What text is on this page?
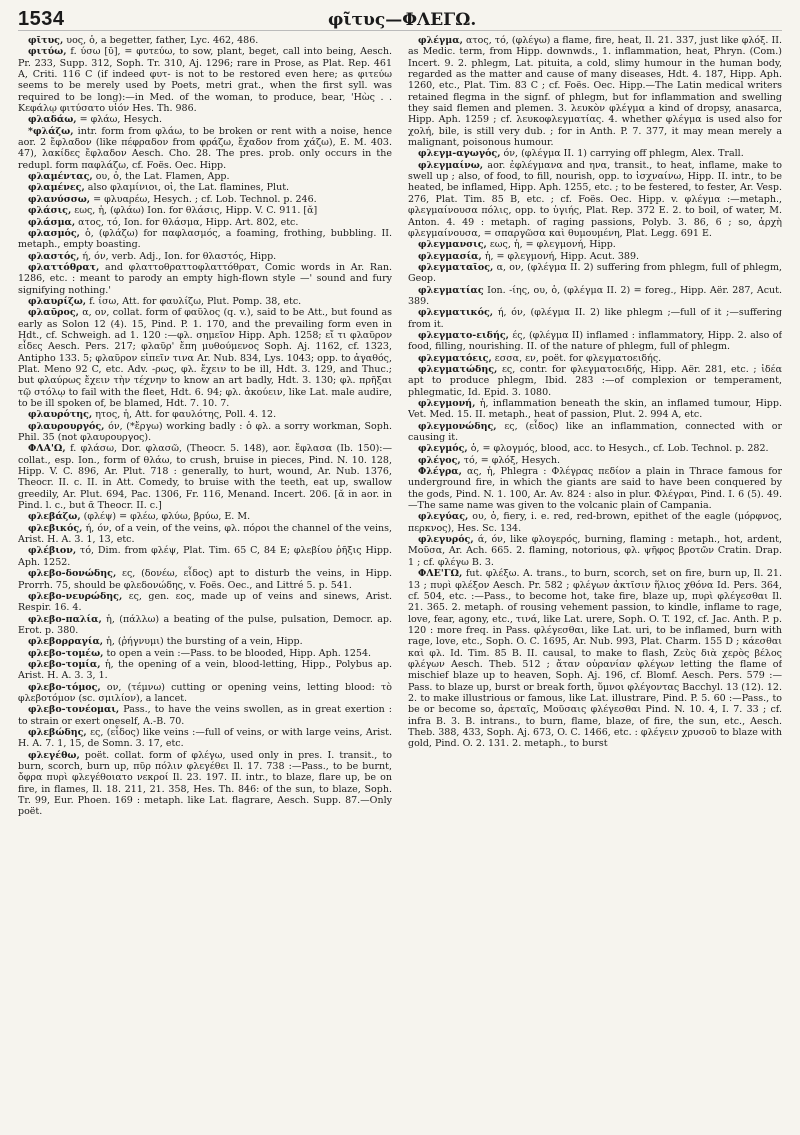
1534	φῖτυς—ΦΛΕΓΩ.

φῖτυς, υος, ὁ, a begetter, father, Lyc. 462, 486.

φιτύω, f. ύσω [ῡ], = φυτεύω, to sow, plant, beget, call into being, Aesch. Pr. 233, Supp. 312, Soph. Tr. 310, Aj. 1296; rare in Prose, as Plat. Rep. 461 A, Criti. 116 C (if indeed φυτ- is not to be restored even here; as φιτεύω seems to be merely used by Poets, metri grat., when the first syll. was required to be long):—in Med. of the woman, to produce, bear, 'Ηὼς . . Κεφάλῳ φιτύσατο υἱόν Hes. Th. 986.

φλαδάω, = φλάω, Hesych.

*φλάζω, intr. form from φλάω, to be broken or rent with a noise, hence aor. 2 ἔφλαδον (like πέφραδον from φράζω, ἔχαδον from χάζω), E. M. 403. 47), λακίδες ἔφλαδον Aesch. Cho. 28. The pres. prob. only occurs in the redupl. form παφλάζω, cf. Foës. Oec. Hipp.

φλαμέντας, ου, ὁ, the Lat. Flamen, App.

φλαμένες, also φλαμίνιοι, οἱ, the Lat. flamines, Plut.

φλανύσσω, = φλυαρέω, Hesych. ; cf. Lob. Technol. p. 246.

φλάσις, εως, ἡ, (φλάω) Ion. for θλάσις, Hipp. V. C. 911. [ᾰ]

φλάσμα, ατος, τό, Ion. for θλάσμα, Hipp. Art. 802, etc.

φλασμός, ὁ, (φλάζω) for παφλασμός, a foaming, frothing, bubbling. II. metaph., empty boasting.

φλαστός, ή, όν, verb. Adj., Ion. for θλαστός, Hipp.

φλαττόθρατ, and φλαττοθραττοφλαττόθρατ, Comic words in Ar. Ran. 1286, etc. : meant to parody an empty high-flown style —' sound and fury signifying nothing.'

φλαυρίζω, f. ίσω, Att. for φαυλίζω, Plut. Pomp. 38, etc.

φλαῦρος, α, ον, collat. form of φαῦλος (q. v.), said to be Att., but found as early as Solon 12 (4). 15, Pind. P. 1. 170, and the prevailing form even in Hdt., cf. Schweigh. ad 1. 120 :—φλ. σημεῖον Hipp. Aph. 1258; εἴ τι φλαῦρον εἶδες Aesch. Pers. 217; φλαῦρ' ἔπη μυθούμενος Soph. Aj. 1162, cf. 1323, Antipho 133. 5; φλαῦρον εἰπεῖν τινα Ar. Nub. 834, Lys. 1043; opp. to ἀγαθός, Plat. Meno 92 C, etc. Adv. -ρως, φλ. ἔχειν to be ill, Hdt. 3. 129, and Thuc.; but φλαύρως ἔχειν τὴν τέχνην to know an art badly, Hdt. 3. 130; φλ. πρῆξαι τῷ στόλῳ to fail with the fleet, Hdt. 6. 94; φλ. ἀκούειν, like Lat. male audire, to be ill spoken of, be blamed, Hdt. 7. 10. 7.

φλαυρότης, ητος, ἡ, Att. for φαυλότης, Poll. 4. 12.

φλαυρουργός, όν, (*ἔργω) working badly : ὁ φλ. a sorry workman, Soph. Phil. 35 (not φλαυρουργος).

ΦΛΑ'Ω, f. φλάσω, Dor. φλασῶ, (Theocr. 5. 148), aor. ἔφλασα (Ib. 150):—collat., esp. Ion., form of θλάω, to crush, bruise in pieces, Pind. N. 10. 128, Hipp. V. C. 896, Ar. Plut. 718 : generally, to hurt, wound, Ar. Nub. 1376, Theocr. II. c. II. in Att. Comedy, to bruise with the teeth, eat up, swallow greedily, Ar. Plut. 694, Pac. 1306, Fr. 116, Menand. Incert. 206. [ᾰ in aor. in Pind. l. c., but ᾱ Theocr. II. c.]

φλεβάζω, (φλέψ) = φλέω, φλύω, βρύω, E. M.

φλεβικός, ή, όν, of a vein, of the veins, φλ. πόροι the channel of the veins, Arist. H. A. 3. 1, 13, etc.

φλέβιον, τό, Dim. from φλέψ, Plat. Tim. 65 C, 84 E; φλεβίου ῥῆξις Hipp. Aph. 1252.

φλεβο-δονώδης, ες, (δονέω, εἶδος) apt to disturb the veins, in Hipp. Prorrh. 75, should be φλεδονώδης, v. Foës. Oec., and Littré 5. p. 541.

φλεβο-νευρώδης, ες, gen. εος, made up of veins and sinews, Arist. Respir. 16. 4.

φλεβο-παλία, ἡ, (πάλλω) a beating of the pulse, pulsation, Democr. ap. Erot. p. 380.

φλεβορραγία, ἡ, (ῥήγνυμι) the bursting of a vein, Hipp.

φλεβο-τομέω, to open a vein :—Pass. to be blooded, Hipp. Aph. 1254.

φλεβο-τομία, ἡ, the opening of a vein, blood-letting, Hipp., Polybus ap. Arist. H. A. 3. 3, 1.

φλεβο-τόμος, ον, (τέμνω) cutting or opening veins, letting blood: τὸ φλεβοτόμον (sc. σμιλίον), a lancet.

φλεβο-τονέομαι, Pass., to have the veins swollen, as in great exertion : to strain or exert oneself, A.-B. 70.

φλεβώδης, ες, (εἶδος) like veins :—full of veins, or with large veins, Arist. H. A. 7. 1, 15, de Somn. 3. 17, etc.

φλεγέθω, poët. collat. form of φλέγω, used only in pres. I. transit., to burn, scorch, burn up, πῦρ πόλιν φλεγέθει Il. 17. 738 :—Pass., to be burnt, ὄφρα πυρὶ φλεγέθοιατο νεκροί Il. 23. 197. II. intr., to blaze, flare up, be on fire, in flames, Il. 18. 211, 21. 358, Hes. Th. 846: of the sun, to blaze, Soph. Tr. 99, Eur. Phoen. 169 : metaph. like Lat. flagrare, Aesch. Supp. 87.—Only poët.

φλέγμα, ατος, τό, (φλέγω) a flame, fire, heat, Il. 21. 337, just like φλόξ. II. as Medic. term, from Hipp. downwds., 1. inflammation, heat, Phryn. (Com.) Incert. 9. 2. phlegm, Lat. pituita, a cold, slimy humour in the human body, regarded as the matter and cause of many diseases, Hdt. 4. 187, Hipp. Aph. 1260, etc., Plat. Tim. 83 C ; cf. Foës. Oec. Hipp.—The Latin medical writers retained flegma in the signf. of phlegm, but for inflammation and swelling they said flemen and plemen. 3. λευκὸν φλέγμα a kind of dropsy, anasarca, Hipp. Aph. 1259 ; cf. λευκοφλεγματίας. 4. whether φλέγμα is used also for χολή, bile, is still very dub. ; for in Anth. P. 7. 377, it may mean merely a malignant, poisonous humour.

φλεγμ-αγωγός, όν, (φλέγμα II. 1) carrying off phlegm, Alex. Trall.

φλεγμαίνω, aor. ἐφλέγμανα and ηνα, transit., to heat, inflame, make to swell up ; also, of food, to fill, nourish, opp. to ἰσχναίνω, Hipp. II. intr., to be heated, be inflamed, Hipp. Aph. 1255, etc. ; to be festered, to fester, Ar. Vesp. 276, Plat. Tim. 85 B, etc. ; cf. Foës. Oec. Hipp. v. φλέγμα :—metaph., φλεγμαίνουσα πόλις, opp. to ὑγιής, Plat. Rep. 372 E. 2. to boil, of water, M. Anton. 4. 49 : metaph. of raging passions, Polyb. 3. 86, 6 ; so, ἀρχὴ φλεγμαίνουσα, = σπαργῶσα καὶ θυμουμένη, Plat. Legg. 691 E.

φλεγμανσις, εως, ἡ, = φλεγμονή, Hipp.

φλεγμασία, ἡ, = φλεγμονή, Hipp. Acut. 389.

φλεγματαῖος, α, ον, (φλέγμα II. 2) suffering from phlegm, full of phlegm, Geop.

φλεγματίας Ion. -ίης, ου, ὁ, (φλέγμα II. 2) = foreg., Hipp. Aër. 287, Acut. 389.

φλεγματικός, ή, όν, (φλέγμα II. 2) like phlegm ;—full of it ;—suffering from it.

φλεγματο-ειδής, ές, (φλέγμα II) inflamed : inflammatory, Hipp. 2. also of food, filling, nourishing. II. of the nature of phlegm, full of phlegm.

φλεγματόεις, εσσα, εν, poët. for φλεγματοειδής.

φλεγματώδης, ες, contr. for φλεγματοειδής, Hipp. Aër. 281, etc. ; ἰδέα apt to produce phlegm, Ibid. 283 :—of complexion or temperament, phlegmatic, Id. Epid. 3. 1080.

φλεγμονή, ἡ, inflammation beneath the skin, an inflamed tumour, Hipp. Vet. Med. 15. II. metaph., heat of passion, Plut. 2. 994 A, etc.

φλεγμονώδης, ες, (εἶδος) like an inflammation, connected with or causing it.

φλεγμός, ὁ, = φλογμός, blood, acc. to Hesych., cf. Lob. Technol. p. 282.

φλέγος, τό, = φλόξ, Hesych.

Φλέγρα, ας, ἡ, Phlegra : Φλέγρας πεδίον a plain in Thrace famous for underground fire, in which the giants are said to have been conquered by the gods, Pind. N. 1. 100, Ar. Av. 824 : also in plur. Φλέγραι, Pind. I. 6 (5). 49.—The same name was given to the volcanic plain of Campania.

φλεγύας, ου, ὁ, fiery, i. e. red, red-brown, epithet of the eagle (μόρφνος, περκνος), Hes. Sc. 134.

φλεγυρός, ά, όν, like φλογερός, burning, flaming : metaph., hot, ardent, Μοῦσα, Ar. Ach. 665. 2. flaming, notorious, φλ. ψῆφος βροτῶν Cratin. Drap. 1 ; cf. φλέγω B. 3.

ΦΛΕ'ΓΩ, fut. φλέξω. A. trans., to burn, scorch, set on fire, burn up, Il. 21. 13 ; πυρὶ φλέξον Aesch. Pr. 582 ; φλέγων ἀκτῖσιν ἥλιος χθόνα Id. Pers. 364, cf. 504, etc. :—Pass., to become hot, take fire, blaze up, πυρὶ φλέγεσθαι Il. 21. 365. 2. metaph. of rousing vehement passion, to kindle, inflame to rage, love, fear, agony, etc., τινά, like Lat. urere, Soph. O. T. 192, cf. Jac. Anth. P. p. 120 : more freq. in Pass. φλέγεσθαι, like Lat. uri, to be inflamed, burn with rage, love, etc., Soph. O. C. 1695, Ar. Nub. 993, Plat. Charm. 155 D ; κάεσθαι καὶ φλ. Id. Tim. 85 B. II. causal, to make to flash, Ζεὺς διὰ χερὸς βέλος φλέγων Aesch. Theb. 512 ; ἄταν οὐρανίαν φλέγων letting the flame of mischief blaze up to heaven, Soph. Aj. 196, cf. Blomf. Aesch. Pers. 579 :—Pass. to blaze up, burst or break forth, ὕμνοι φλέγοντας Bacchyl. 13 (12). 12. 2. to make illustrious or famous, like Lat. illustrare, Pind. P. 5. 60 :—Pass., to be or become so, ἀρεταῖς, Μοῦσαις φλέγεσθαι Pind. N. 10. 4, I. 7. 33 ; cf. infra B. 3. B. intrans., to burn, flame, blaze, of fire, the sun, etc., Aesch. Theb. 388, 433, Soph. Aj. 673, O. C. 1466, etc. : φλέγειν χρυσοῦ to blaze with gold, Pind. O. 2. 131. 2. metaph., to burst
